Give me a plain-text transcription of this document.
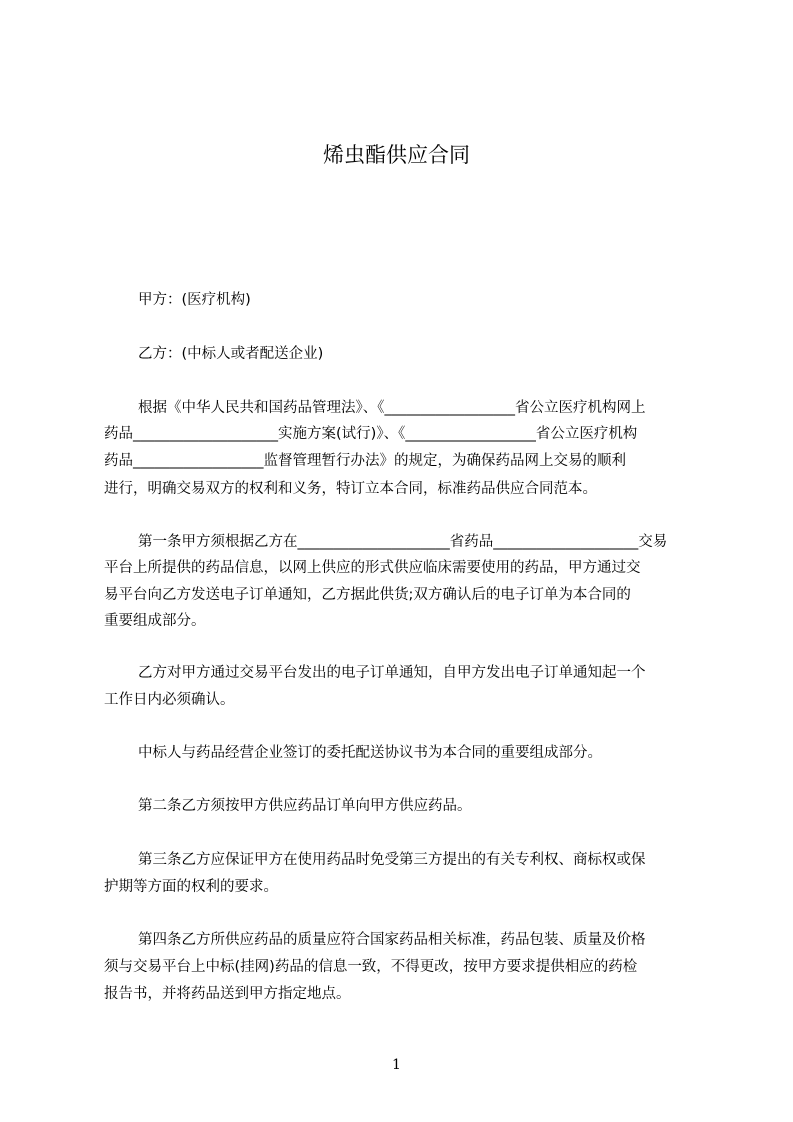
烯虫酯供应合同
甲方：(医疗机构)
乙方：(中标人或者配送企业)
根据《中华人民共和国药品管理法》、《__________________省公立医疗机构网上
药品____________________实施方案(试行)》、《__________________省公立医疗机构
药品__________________监督管理暂行办法》的规定，为确保药品网上交易的顺利
进行，明确交易双方的权利和义务，特订立本合同，标准药品供应合同范本。
第一条甲方须根据乙方在_____________________省药品____________________交易
平台上所提供的药品信息，以网上供应的形式供应临床需要使用的药品，甲方通过交
易平台向乙方发送电子订单通知，乙方据此供货;双方确认后的电子订单为本合同的
重要组成部分。
乙方对甲方通过交易平台发出的电子订单通知，自甲方发出电子订单通知起一个
工作日内必须确认。
中标人与药品经营企业签订的委托配送协议书为本合同的重要组成部分。
第二条乙方须按甲方供应药品订单向甲方供应药品。
第三条乙方应保证甲方在使用药品时免受第三方提出的有关专利权、商标权或保
护期等方面的权利的要求。
第四条乙方所供应药品的质量应符合国家药品相关标准，药品包装、质量及价格
须与交易平台上中标(挂网)药品的信息一致，不得更改，按甲方要求提供相应的药检
报告书，并将药品送到甲方指定地点。
1
